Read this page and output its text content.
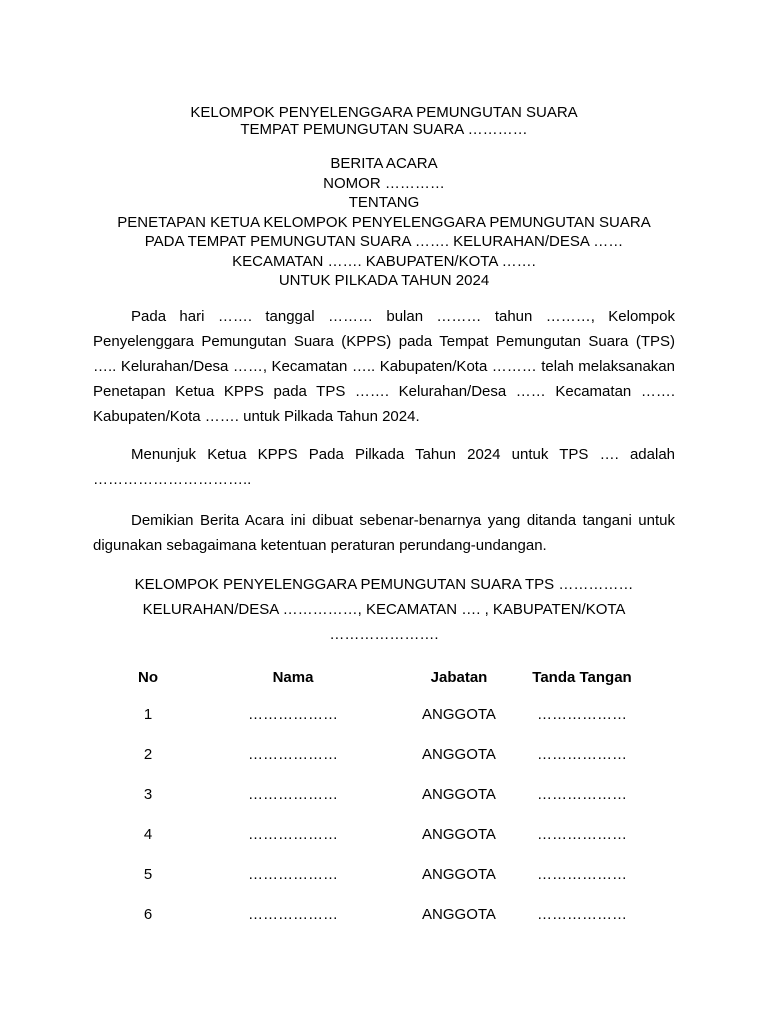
KELOMPOK PENYELENGGARA PEMUNGUTAN SUARA
TEMPAT PEMUNGUTAN SUARA …………
BERITA ACARA
NOMOR …………
TENTANG
PENETAPAN KETUA KELOMPOK PENYELENGGARA PEMUNGUTAN SUARA
PADA TEMPAT PEMUNGUTAN SUARA ……. KELURAHAN/DESA ……
KECAMATAN ……. KABUPATEN/KOTA …….
UNTUK PILKADA TAHUN 2024
Pada hari ……. tanggal ……… bulan ……… tahun ………, Kelompok Penyelenggara Pemungutan Suara (KPPS) pada Tempat Pemungutan Suara (TPS) ….. Kelurahan/Desa ……, Kecamatan ….. Kabupaten/Kota ……… telah melaksanakan Penetapan Ketua KPPS pada TPS ……. Kelurahan/Desa …… Kecamatan ……. Kabupaten/Kota ……. untuk Pilkada Tahun 2024.
Menunjuk Ketua KPPS Pada Pilkada Tahun 2024 untuk TPS …. adalah …………………………..
Demikian Berita Acara ini dibuat sebenar-benarnya yang ditanda tangani untuk digunakan sebagaimana ketentuan peraturan perundang-undangan.
KELOMPOK PENYELENGGARA PEMUNGUTAN SUARA TPS ……………
KELURAHAN/DESA ……………, KECAMATAN …. , KABUPATEN/KOTA
………………….
No	Nama	Jabatan	Tanda Tangan
1	………………	ANGGOTA	………………
2	………………	ANGGOTA	………………
3	………………	ANGGOTA	………………
4	………………	ANGGOTA	………………
5	………………	ANGGOTA	………………
6	………………	ANGGOTA	………………
